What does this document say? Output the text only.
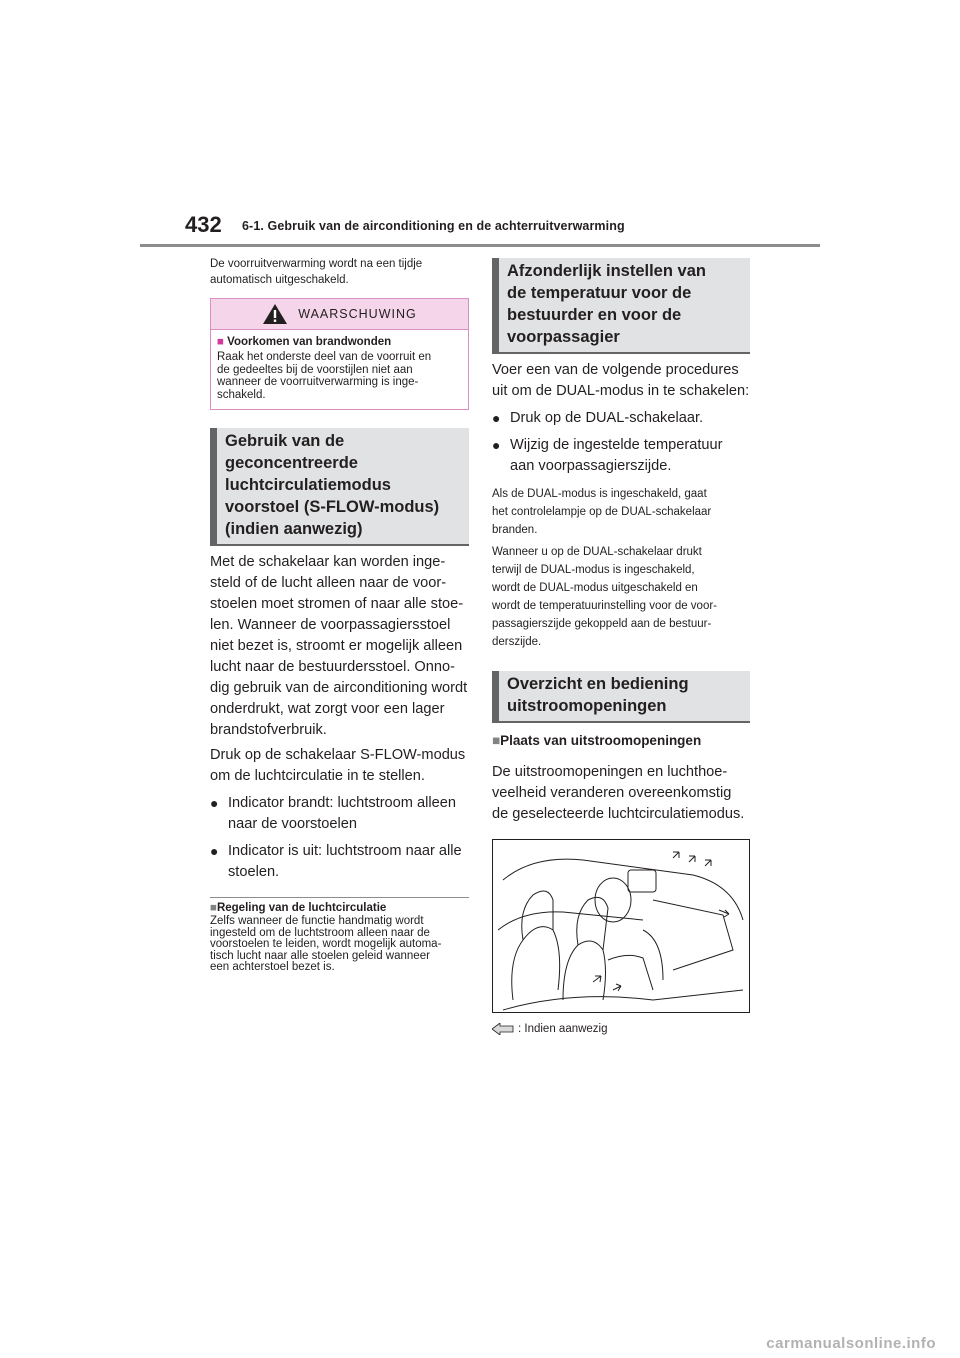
432 6-1. Gebruik van de airconditioning en de achterruitverwarming

De voorruitverwarming wordt na een tijdje
automatisch uitgeschakeld.

WAARSCHUWING

■ Voorkomen van brandwonden

Raak het onderste deel van de voorruit en
de gedeeltes bij de voorstijlen niet aan
wanneer de voorruitverwarming is inge-
schakeld.

Gebruik van de
geconcentreerde
luchtcirculatiemodus
voorstoel (S-FLOW-modus)
(indien aanwezig)

Met de schakelaar kan worden inge-
steld of de lucht alleen naar de voor-
stoelen moet stromen of naar alle stoe-
len. Wanneer de voorpassagiersstoel
niet bezet is, stroomt er mogelijk alleen
lucht naar de bestuurdersstoel. Onno-
dig gebruik van de airconditioning wordt
onderdrukt, wat zorgt voor een lager
brandstofverbruik.

Druk op de schakelaar S-FLOW-modus
om de luchtcirculatie in te stellen.

● Indicator brandt: luchtstroom alleen
naar de voorstoelen
● Indicator is uit: luchtstroom naar alle
stoelen.

■Regeling van de luchtcirculatie

Zelfs wanneer de functie handmatig wordt
ingesteld om de luchtstroom alleen naar de
voorstoelen te leiden, wordt mogelijk automa-
tisch lucht naar alle stoelen geleid wanneer
een achterstoel bezet is.

Afzonderlijk instellen van
de temperatuur voor de
bestuurder en voor de
voorpassagier

Voer een van de volgende procedures
uit om de DUAL-modus in te schakelen:

● Druk op de DUAL-schakelaar.
● Wijzig de ingestelde temperatuur
aan voorpassagierszijde.

Als de DUAL-modus is ingeschakeld, gaat
het controlelampje op de DUAL-schakelaar
branden.

Wanneer u op de DUAL-schakelaar drukt
terwijl de DUAL-modus is ingeschakeld,
wordt de DUAL-modus uitgeschakeld en
wordt de temperatuurinstelling voor de voor-
passagierszijde gekoppeld aan de bestuur-
derszijde.

Overzicht en bediening
uitstroomopeningen

■Plaats van uitstroomopeningen

De uitstroomopeningen en luchthoe-
veelheid veranderen overeenkomstig
de geselecteerde luchtcirculatiemodus.

: Indien aanwezig
carmanualsonline.info
